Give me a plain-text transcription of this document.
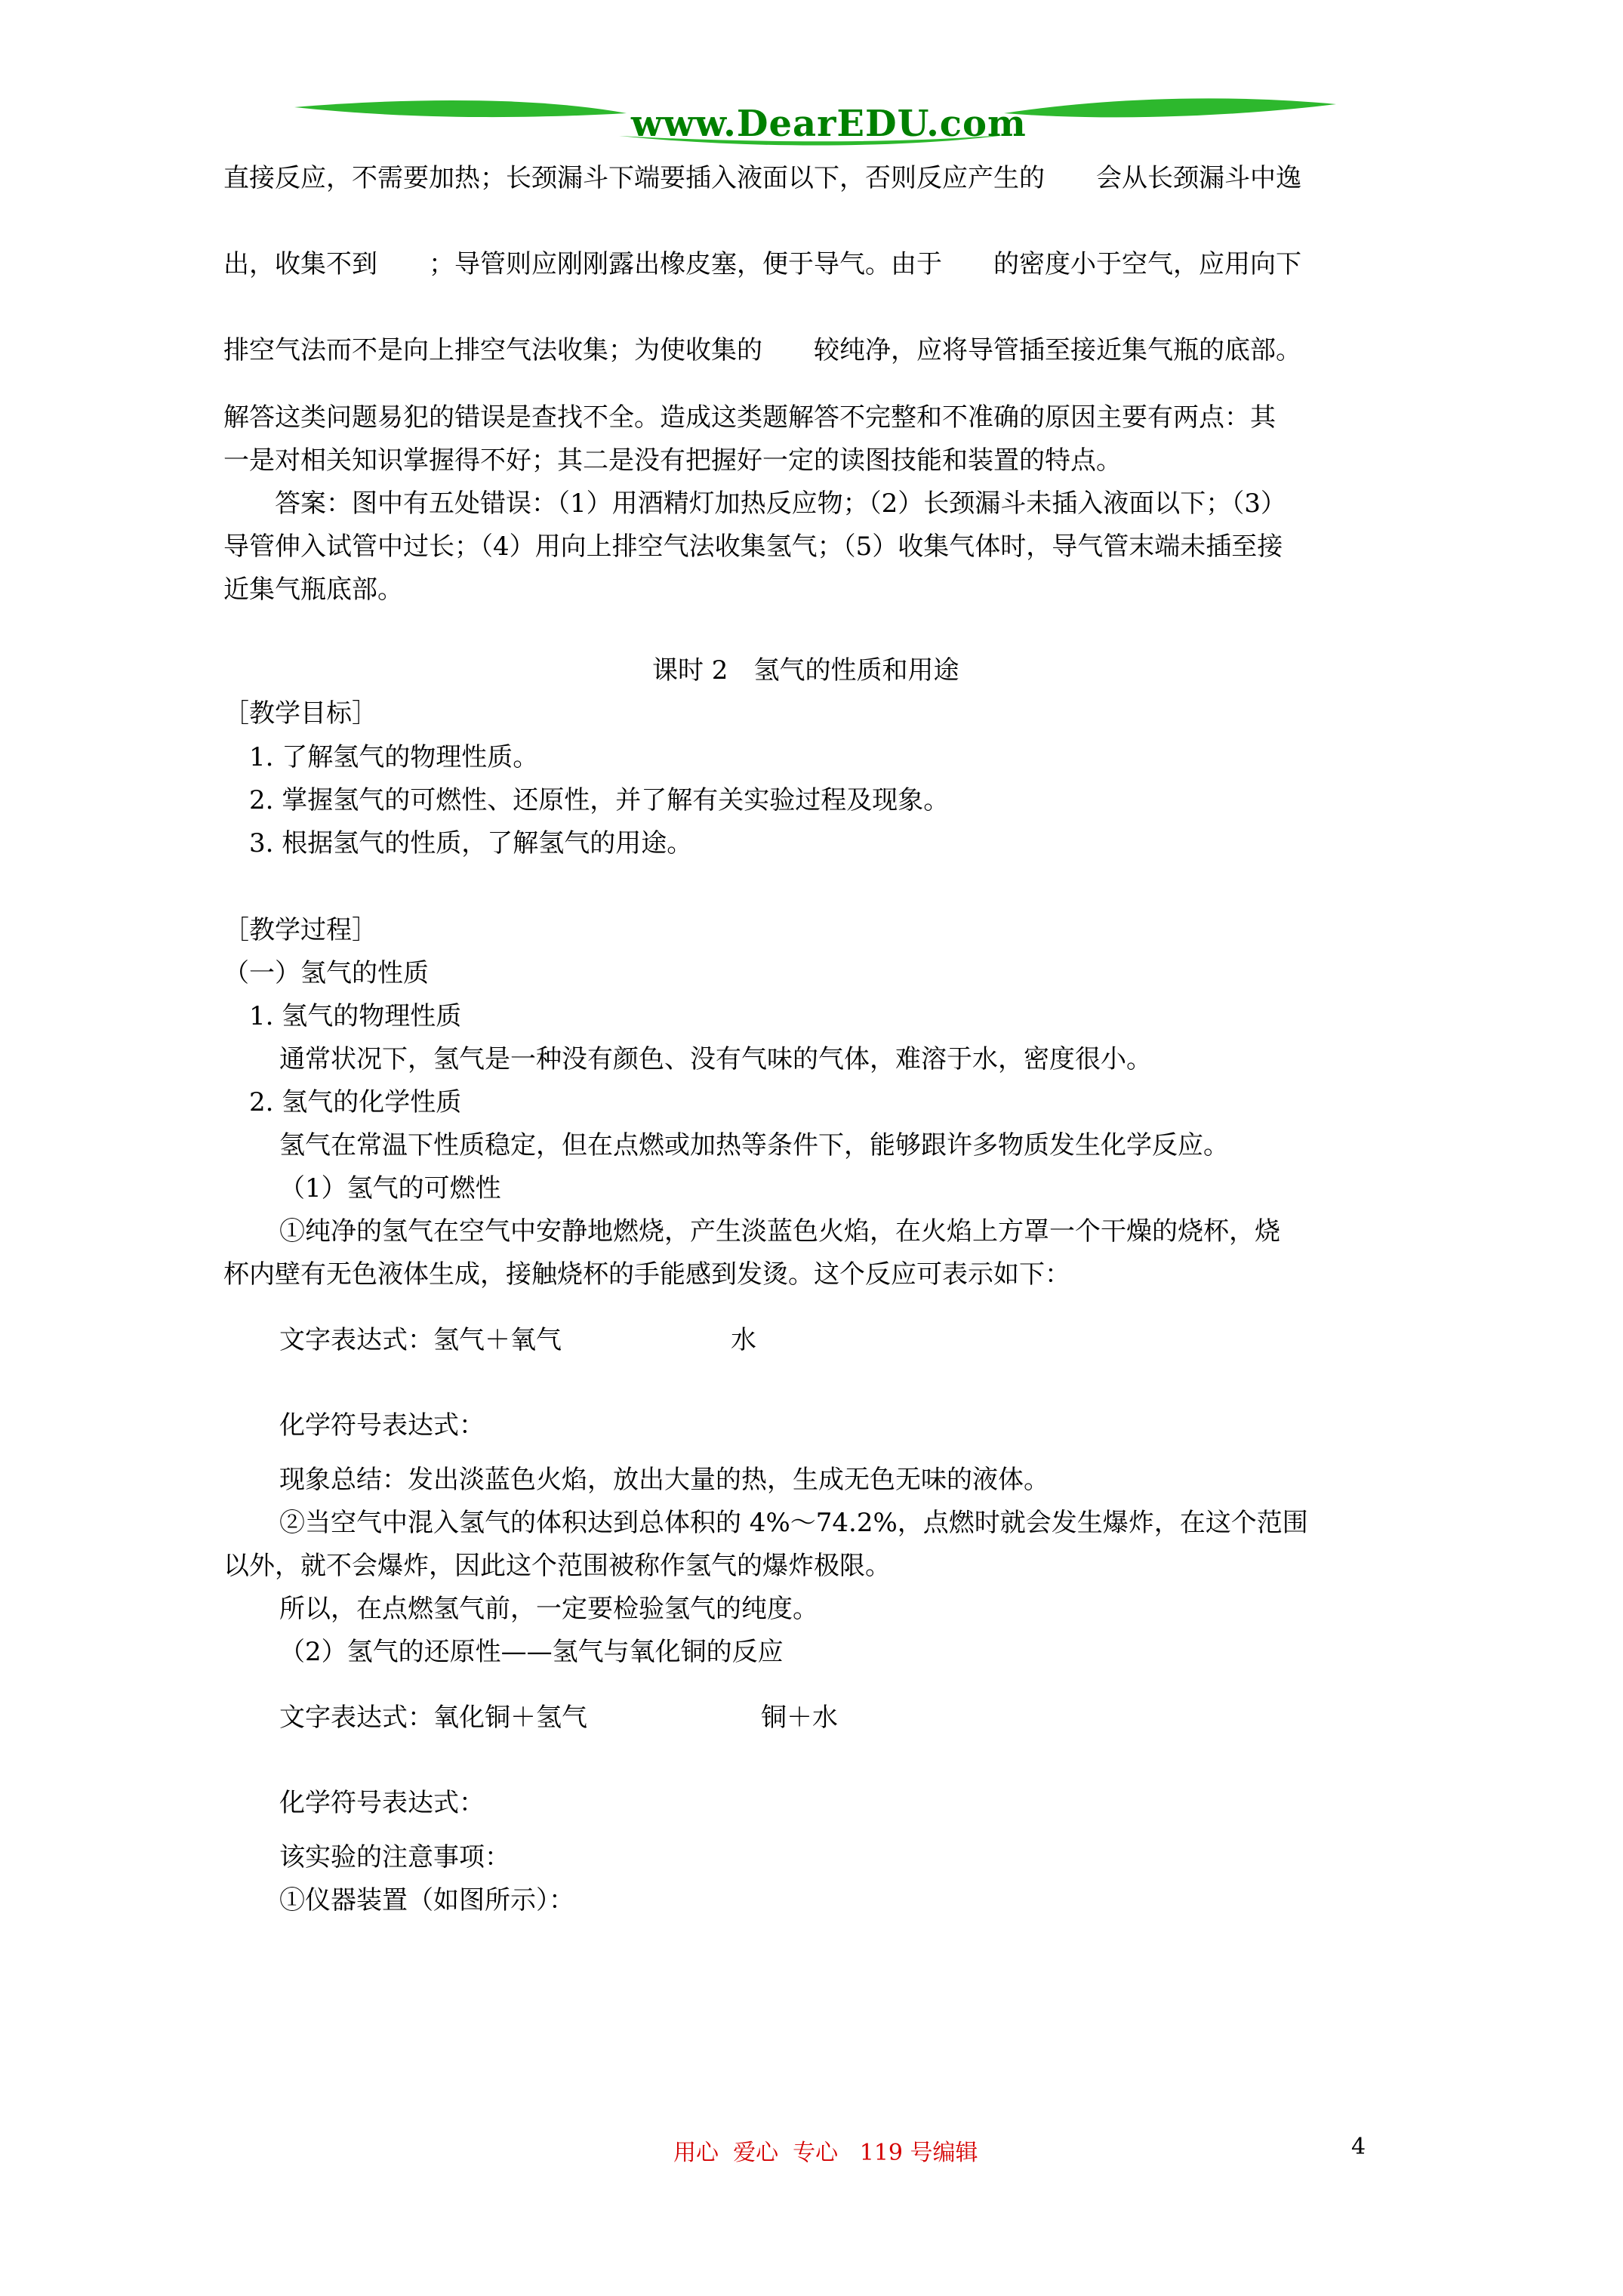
www.DearEDU.com
直接反应，不需要加热；长颈漏斗下端要插入液面以下，否则反应产生的　　会从长颈漏斗中逸
出，收集不到　　；导管则应刚刚露出橡皮塞，便于导气。由于　　的密度小于空气，应用向下
排空气法而不是向上排空气法收集；为使收集的　　较纯净，应将导管插至接近集气瓶的底部。
解答这类问题易犯的错误是查找不全。造成这类题解答不完整和不准确的原因主要有两点：其
一是对相关知识掌握得不好；其二是没有把握好一定的读图技能和装置的特点。
　　答案：图中有五处错误：（1）用酒精灯加热反应物；（2）长颈漏斗未插入液面以下；（3）
导管伸入试管中过长；（4）用向上排空气法收集氢气；（5）收集气体时，导气管末端未插至接
近集气瓶底部。
课时 2　氢气的性质和用途
［教学目标］
1. 了解氢气的物理性质。
2. 掌握氢气的可燃性、还原性，并了解有关实验过程及现象。
3. 根据氢气的性质，了解氢气的用途。
［教学过程］
（一）氢气的性质
1. 氢气的物理性质
通常状况下，氢气是一种没有颜色、没有气味的气体，难溶于水，密度很小。
2. 氢气的化学性质
氢气在常温下性质稳定，但在点燃或加热等条件下，能够跟许多物质发生化学反应。
（1）氢气的可燃性
①纯净的氢气在空气中安静地燃烧，产生淡蓝色火焰，在火焰上方罩一个干燥的烧杯，烧
杯内壁有无色液体生成，接触烧杯的手能感到发烫。这个反应可表示如下：
文字表达式：氢气＋氧气	水
化学符号表达式：
现象总结：发出淡蓝色火焰，放出大量的热，生成无色无味的液体。
②当空气中混入氢气的体积达到总体积的 4%～74.2%，点燃时就会发生爆炸，在这个范围
以外，就不会爆炸，因此这个范围被称作氢气的爆炸极限。
所以，在点燃氢气前，一定要检验氢气的纯度。
（2）氢气的还原性——氢气与氧化铜的反应
文字表达式：氧化铜＋氢气	铜＋水
化学符号表达式：
该实验的注意事项：
①仪器装置（如图所示）：
用心  爱心  专心   119 号编辑	4
